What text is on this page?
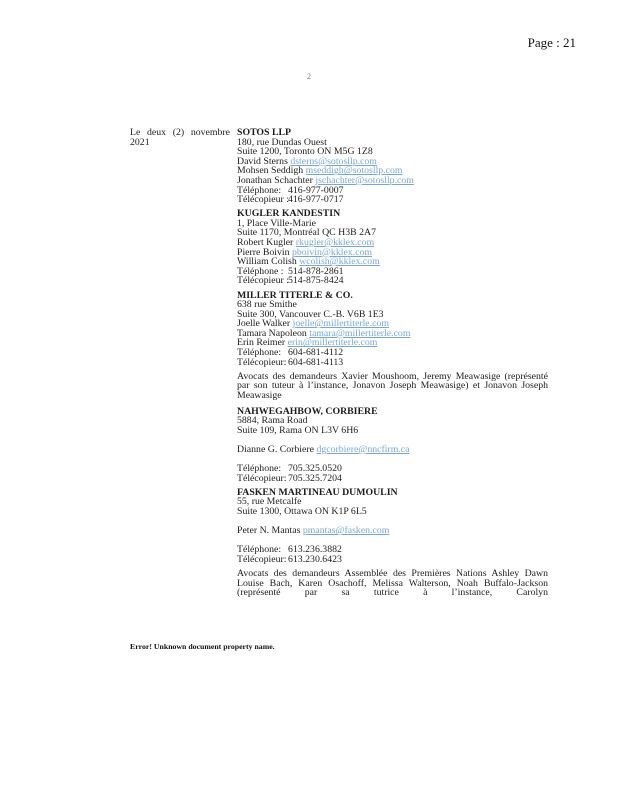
Page : 21
2
Le deux (2) novembre
2021
SOTOS LLP
180, rue Dundas Ouest
Suite 1200, Toronto ON M5G 1Z8
David Sterns dsterns@sotosllp.com
Mohsen Seddigh mseddigh@sotosllp.com
Jonathan Schachter jschachter@sotosllp.com
Téléphone: 416-977-0007
Télécopieur :416-977-0717
KUGLER KANDESTIN
1, Place Ville-Marie
Suite 1170, Montréal QC H3B 2A7
Robert Kugler rkugler@kklex.com
Pierre Boivin pboivin@kklex.com
William Colish wcolish@kklex.com
Téléphone : 514-878-2861
Télécopieur :514-875-8424
MILLER TITERLE & CO.
638 rue Smithe
Suite 300, Vancouver C.-B. V6B 1E3
Joelle Walker joelle@millertiterle.com
Tamara Napoleon tamara@millertiterle.com
Erin Reimer erin@millertiterle.com
Téléphone: 604-681-4112
Télécopieur:604-681-4113
Avocats des demandeurs Xavier Moushoom, Jeremy Meawasige (représenté par son tuteur à l’instance, Jonavon Joseph Meawasige) et Jonavon Joseph Meawasige
NAHWEGAHBOW, CORBIERE
5884, Rama Road
Suite 109, Rama ON L3V 6H6
Dianne G. Corbiere dgcorbiere@nncfirm.ca
Téléphone: 705.325.0520
Télécopieur:705.325.7204
FASKEN MARTINEAU DUMOULIN
55, rue Metcalfe
Suite 1300, Ottawa ON K1P 6L5
Peter N. Mantas pmantas@fasken.com
Téléphone: 613.236.3882
Télécopieur:613.230.6423
Avocats des demandeurs Assemblée des Premières Nations Ashley Dawn Louise Bach, Karen Osachoff, Melissa Walterson, Noah Buffalo-Jackson (représenté par sa tutrice à l’instance, Carolyn
Error! Unknown document property name.
